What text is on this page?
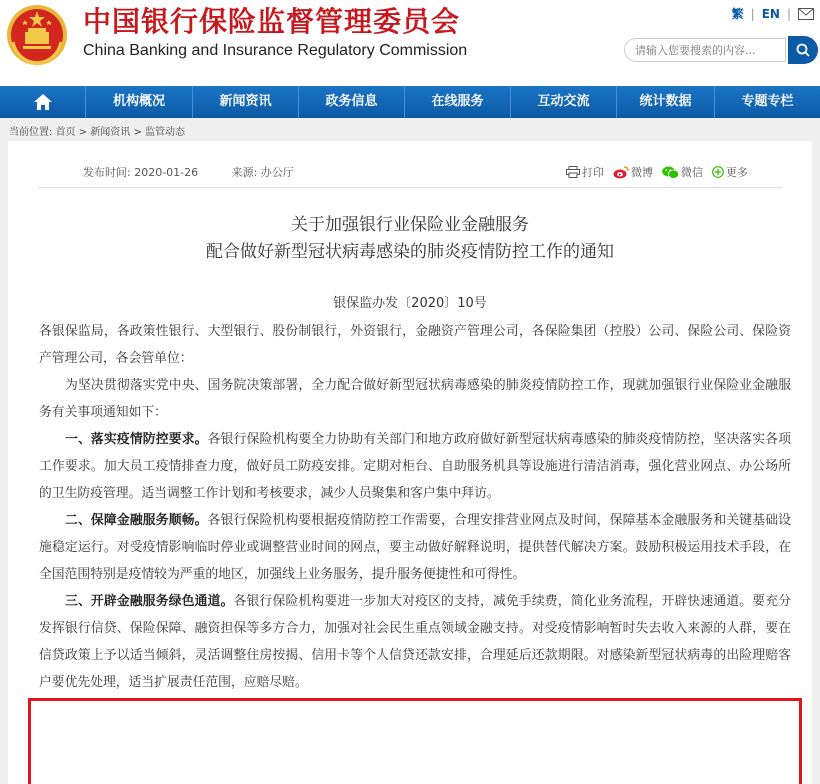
中国银行保险监督管理委员会
China Banking and Insurance Regulatory Commission
繁 | EN |
请输入您要搜索的内容...
机构概况	新闻资讯	政务信息	在线服务	互动交流	统计数据	专题专栏
当前位置: 首页 > 新闻资讯 > 监管动态
发布时间: 2020-01-26	来源: 办公厅	打印 微博	微信 更多
关于加强银行业保险业金融服务
配合做好新型冠状病毒感染的肺炎疫情防控工作的通知
银保监办发〔2020〕10号

各银保监局，各政策性银行、大型银行、股份制银行，外资银行，金融资产管理公司，各保险集团（控股）公司、保险公司、保险资产管理公司，各会管单位：

为坚决贯彻落实党中央、国务院决策部署，全力配合做好新型冠状病毒感染的肺炎疫情防控工作，现就加强银行业保险业金融服务有关事项通知如下：

一、落实疫情防控要求。各银行保险机构要全力协助有关部门和地方政府做好新型冠状病毒感染的肺炎疫情防控，坚决落实各项工作要求。加大员工疫情排查力度，做好员工防疫安排。定期对柜台、自助服务机具等设施进行清洁消毒，强化营业网点、办公场所的卫生防疫管理。适当调整工作计划和考核要求，减少人员聚集和客户集中拜访。

二、保障金融服务顺畅。各银行保险机构要根据疫情防控工作需要，合理安排营业网点及时间，保障基本金融服务和关键基础设施稳定运行。对受疫情影响临时停业或调整营业时间的网点，要主动做好解释说明，提供替代解决方案。鼓励积极运用技术手段，在全国范围特别是疫情较为严重的地区，加强线上业务服务，提升服务便捷性和可得性。

三、开辟金融服务绿色通道。各银行保险机构要进一步加大对疫区的支持，减免手续费，简化业务流程，开辟快速通道。要充分发挥银行信贷、保险保障、融资担保等多方合力，加强对社会民生重点领域金融支持。对受疫情影响暂时失去收入来源的人群，要在信贷政策上予以适当倾斜，灵活调整住房按揭、信用卡等个人信贷还款安排，合理延后还款期限。对感染新型冠状病毒的出险理赔客户要优先处理，适当扩展责任范围，应赔尽赔。
